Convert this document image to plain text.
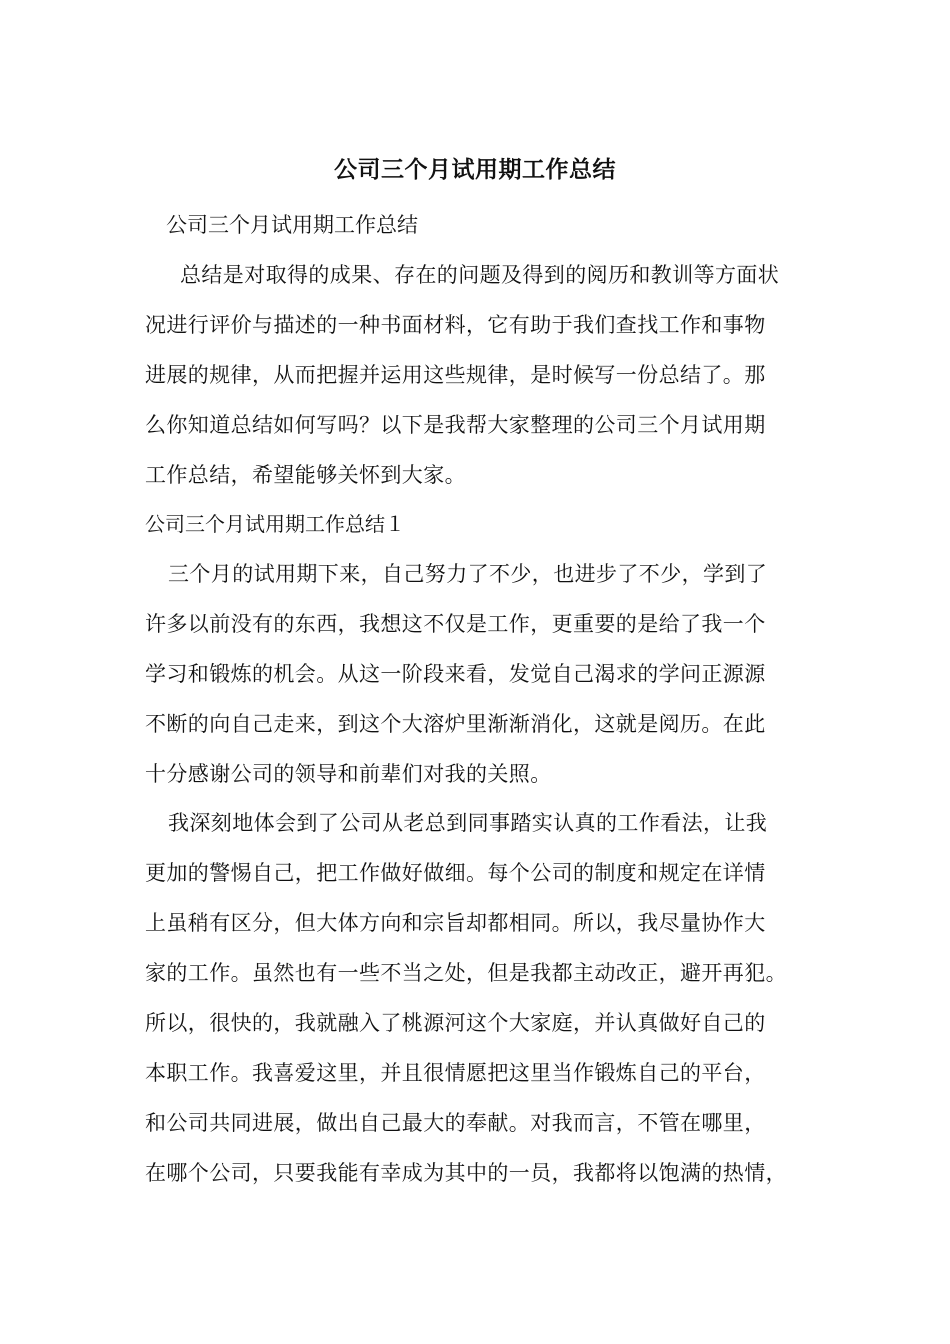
公司三个月试用期工作总结
公司三个月试用期工作总结
总结是对取得的成果、存在的问题及得到的阅历和教训等方面状
况进行评价与描述的一种书面材料，它有助于我们查找工作和事物
进展的规律，从而把握并运用这些规律，是时候写一份总结了。那
么你知道总结如何写吗？以下是我帮大家整理的公司三个月试用期
工作总结，希望能够关怀到大家。
公司三个月试用期工作总结１
三个月的试用期下来，自己努力了不少，也进步了不少，学到了
许多以前没有的东西，我想这不仅是工作，更重要的是给了我一个
学习和锻炼的机会。从这一阶段来看，发觉自己渴求的学问正源源
不断的向自己走来，到这个大溶炉里渐渐消化，这就是阅历。在此
十分感谢公司的领导和前辈们对我的关照。
我深刻地体会到了公司从老总到同事踏实认真的工作看法，让我
更加的警惕自己，把工作做好做细。每个公司的制度和规定在详情
上虽稍有区分，但大体方向和宗旨却都相同。所以，我尽量协作大
家的工作。虽然也有一些不当之处，但是我都主动改正，避开再犯。
所以，很快的，我就融入了桃源河这个大家庭，并认真做好自己的
本职工作。我喜爱这里，并且很情愿把这里当作锻炼自己的平台，
和公司共同进展，做出自己最大的奉献。对我而言，不管在哪里，
在哪个公司，只要我能有幸成为其中的一员，我都将以饱满的热情，
